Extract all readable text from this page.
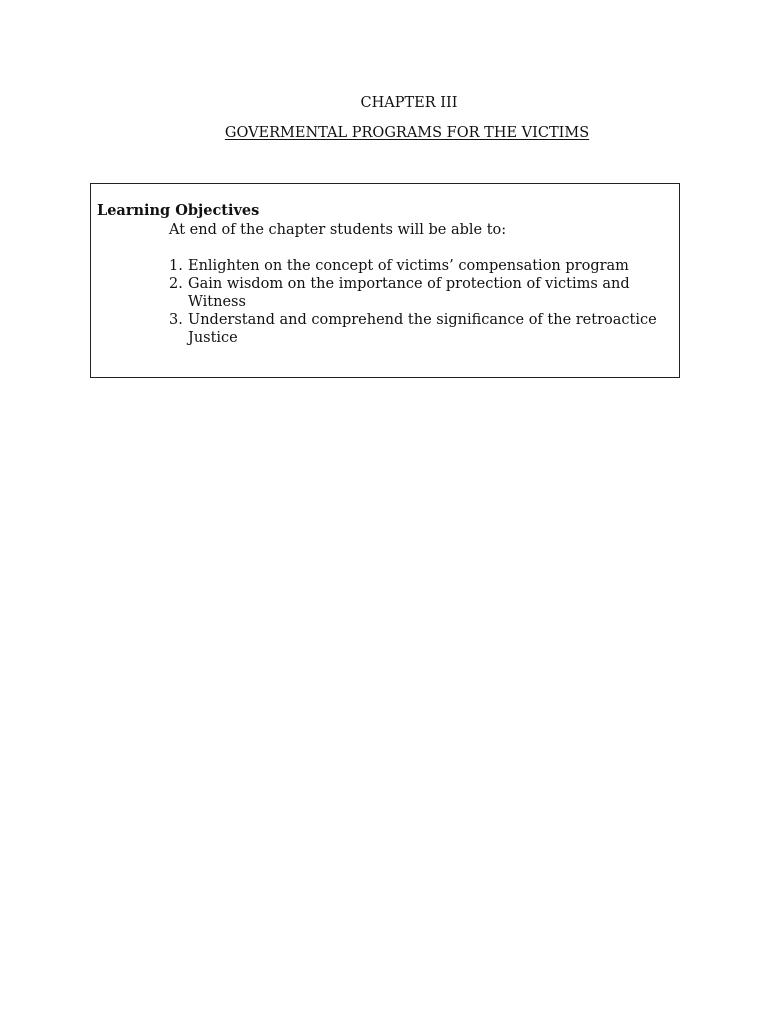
CHAPTER III
GOVERMENTAL PROGRAMS FOR THE VICTIMS
Learning Objectives
At end of the chapter students will be able to:
1. Enlighten on the concept of victims’ compensation program
2. Gain wisdom on the importance of protection of victims and Witness
3. Understand and comprehend the significance of the retroactice Justice
